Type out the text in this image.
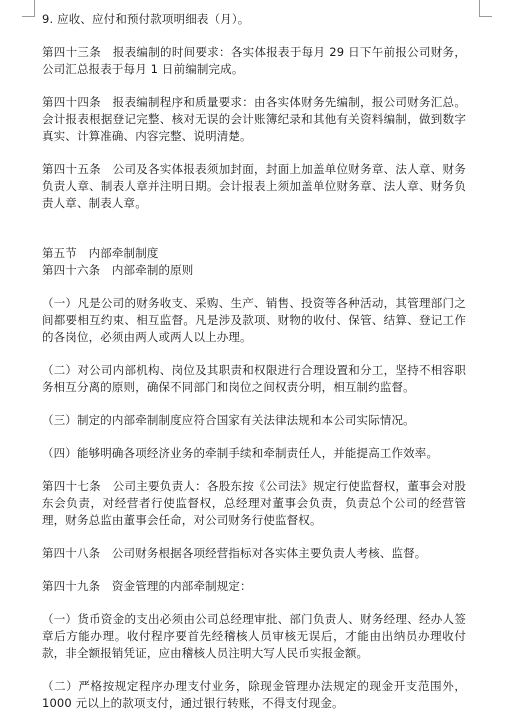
9. 应收、应付和预付款项明细表（月）。

第四十三条　报表编制的时间要求：各实体报表于每月 29 日下午前报公司财务，公司汇总报表于每月 1 日前编制完成。

第四十四条　报表编制程序和质量要求：由各实体财务先编制，报公司财务汇总。会计报表根据登记完整、核对无误的会计账簿纪录和其他有关资料编制，做到数字真实、计算准确、内容完整、说明清楚。

第四十五条　公司及各实体报表须加封面，封面上加盖单位财务章、法人章、财务负责人章、制表人章并注明日期。会计报表上须加盖单位财务章、法人章、财务负责人章、制表人章。

第五节　内部牵制制度

第四十六条　内部牵制的原则

（一）凡是公司的财务收支、采购、生产、销售、投资等各种活动，其管理部门之间都要相互约束、相互监督。凡是涉及款项、财物的收付、保管、结算、登记工作的各岗位，必须由两人或两人以上办理。

（二）对公司内部机构、岗位及其职责和权限进行合理设置和分工，坚持不相容职务相互分离的原则，确保不同部门和岗位之间权责分明，相互制约监督。

（三）制定的内部牵制制度应符合国家有关法律法规和本公司实际情况。

（四）能够明确各项经济业务的牵制手续和牵制责任人，并能提高工作效率。

第四十七条　公司主要负责人：各股东按《公司法》规定行使监督权，董事会对股东会负责，对经营者行使监督权，总经理对董事会负责，负责总个公司的经营管理，财务总监由董事会任命，对公司财务行使监督权。

第四十八条　公司财务根据各项经营指标对各实体主要负责人考核、监督。

第四十九条　资金管理的内部牵制规定：

（一）货币资金的支出必须由公司总经理审批、部门负责人、财务经理、经办人签章后方能办理。收付程序要首先经稽核人员审核无误后，才能由出纳员办理收付款，非全额报销凭证，应由稽核人员注明大写人民币实报金额。

（二）严格按规定程序办理支付业务，除现金管理办法规定的现金开支范围外，1000 元以上的款项支付，通过银行转账，不得支付现金。
